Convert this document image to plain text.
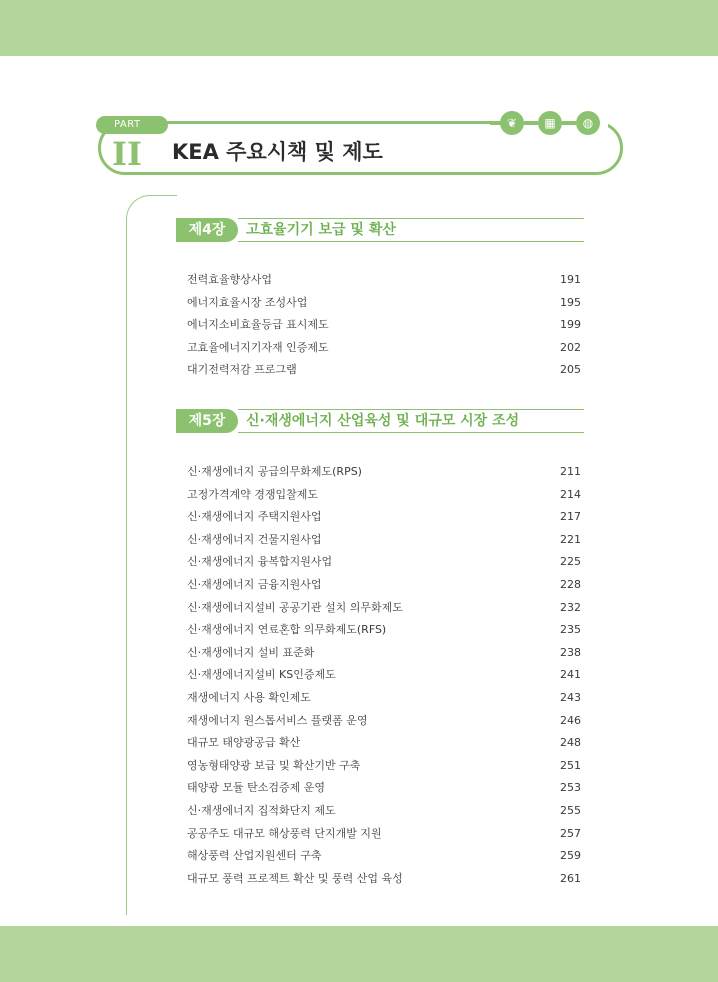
PART
II KEA 주요시책 및 제도
❦	▦	◍
제4장	고효율기기 보급 및 확산
전력효율향상사업	191
에너지효율시장 조성사업	195
에너지소비효율등급 표시제도	199
고효율에너지기자재 인증제도	202
대기전력저감 프로그램	205
제5장	신·재생에너지 산업육성 및 대규모 시장 조성
신·재생에너지 공급의무화제도(RPS)	211
고정가격계약 경쟁입찰제도	214
신·재생에너지 주택지원사업	217
신·재생에너지 건물지원사업	221
신·재생에너지 융복합지원사업	225
신·재생에너지 금융지원사업	228
신·재생에너지설비 공공기관 설치 의무화제도	232
신·재생에너지 연료혼합 의무화제도(RFS)	235
신·재생에너지 설비 표준화	238
신·재생에너지설비 KS인증제도	241
재생에너지 사용 확인제도	243
재생에너지 원스톱서비스 플랫폼 운영	246
대규모 태양광공급 확산	248
영농형태양광 보급 및 확산기반 구축	251
태양광 모듈 탄소검증제 운영	253
신·재생에너지 집적화단지 제도	255
공공주도 대규모 해상풍력 단지개발 지원	257
해상풍력 산업지원센터 구축	259
대규모 풍력 프로젝트 확산 및 풍력 산업 육성	261
